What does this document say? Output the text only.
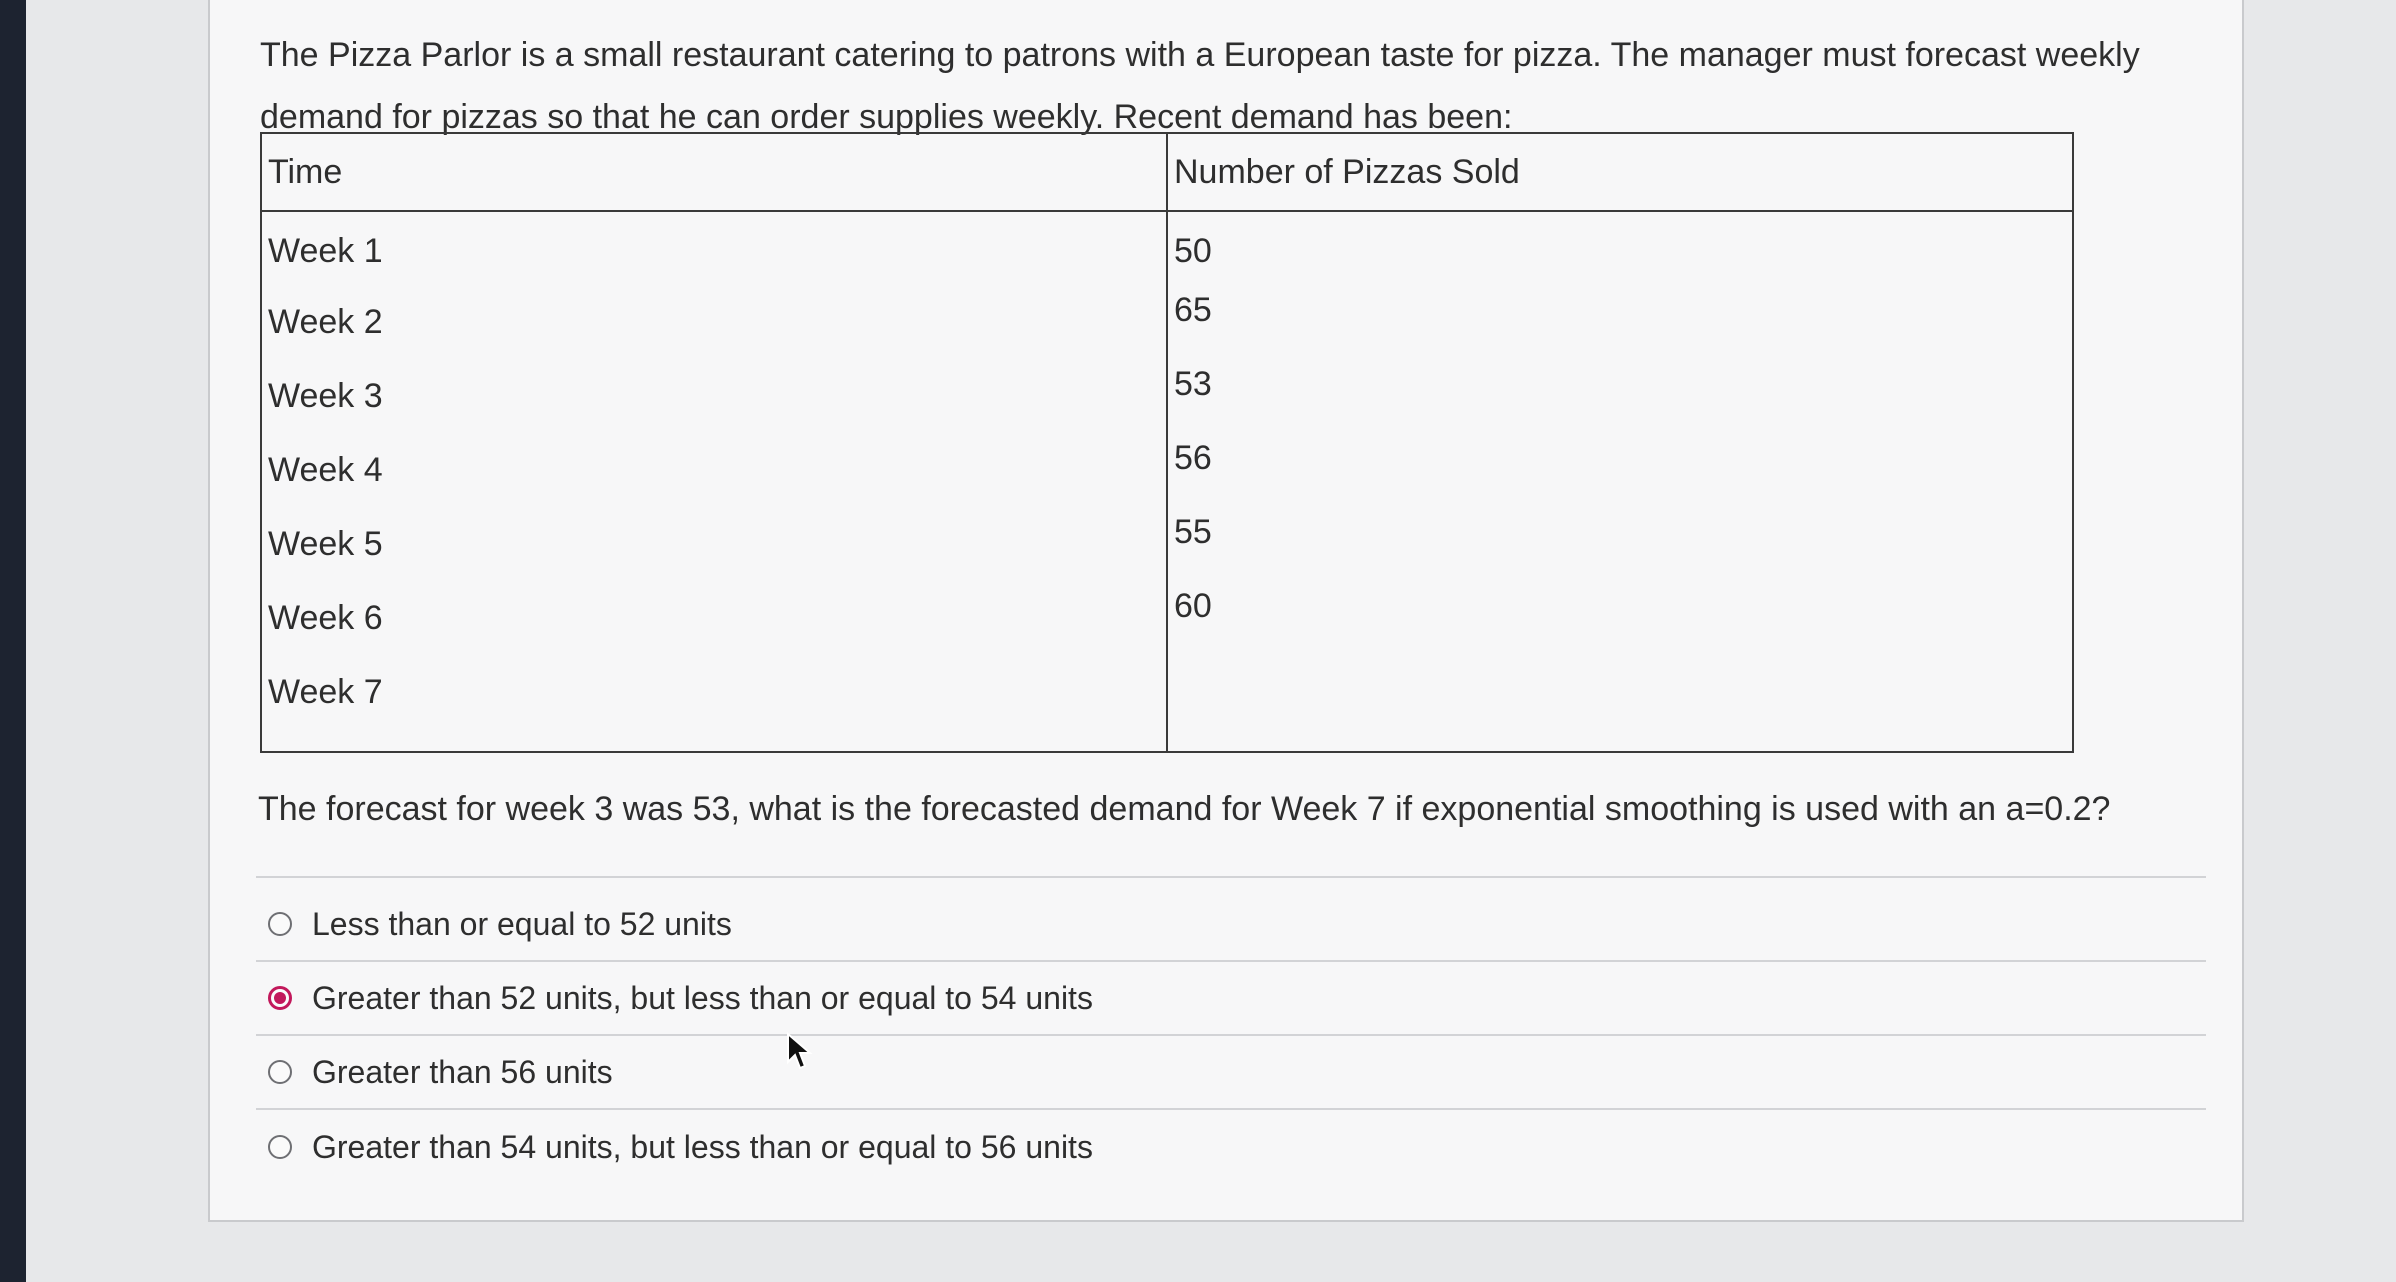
The Pizza Parlor is a small restaurant catering to patrons with a European taste for pizza. The manager must forecast weekly demand for pizzas so that he can order supplies weekly. Recent demand has been:

Time	Number of Pizzas Sold
Week 1	50
Week 2	65
Week 3	53
Week 4	56
Week 5	55
Week 6	60
Week 7	

The forecast for week 3 was 53, what is the forecasted demand for Week 7 if exponential smoothing is used with an a=0.2?

Less than or equal to 52 units
Greater than 52 units, but less than or equal to 54 units
Greater than 56 units
Greater than 54 units, but less than or equal to 56 units
